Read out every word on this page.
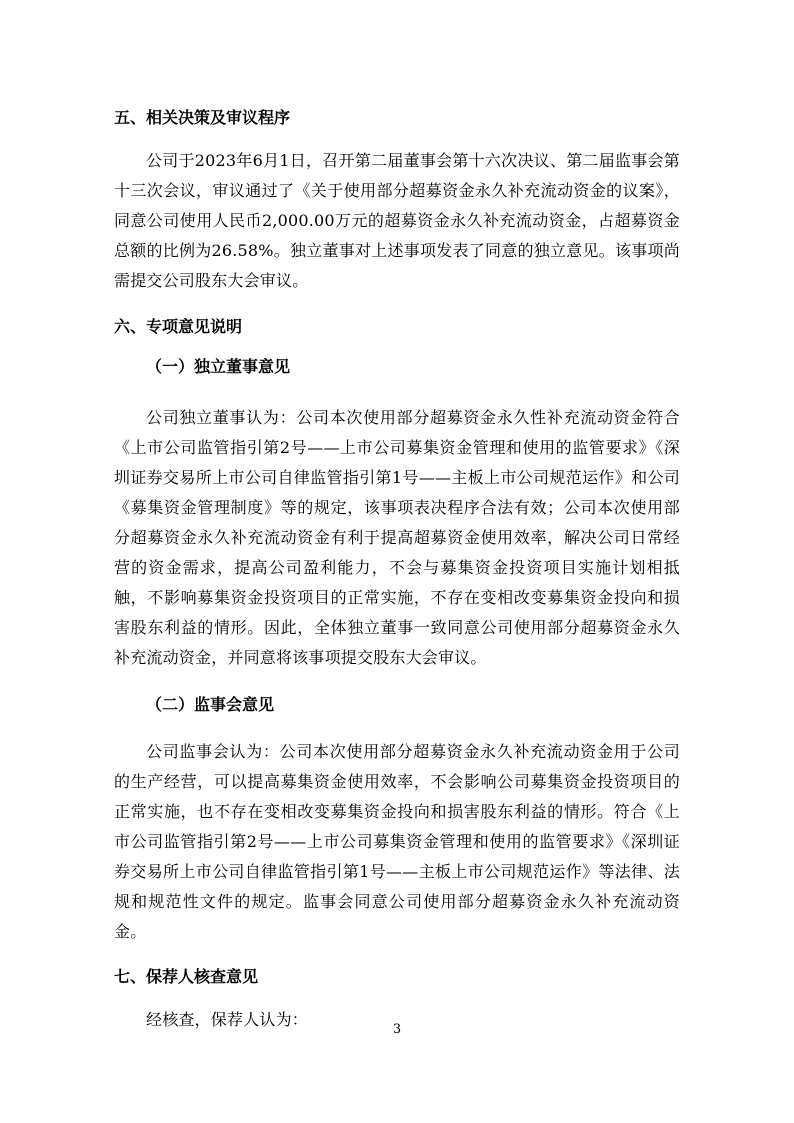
五、相关决策及审议程序

公司于2023年6月1日，召开第二届董事会第十六次决议、第二届监事会第十三次会议，审议通过了《关于使用部分超募资金永久补充流动资金的议案》，同意公司使用人民币2,000.00万元的超募资金永久补充流动资金，占超募资金总额的比例为26.58%。独立董事对上述事项发表了同意的独立意见。该事项尚需提交公司股东大会审议。

六、专项意见说明
（一）独立董事意见

公司独立董事认为：公司本次使用部分超募资金永久性补充流动资金符合《上市公司监管指引第2号——上市公司募集资金管理和使用的监管要求》《深圳证券交易所上市公司自律监管指引第1号——主板上市公司规范运作》和公司《募集资金管理制度》等的规定，该事项表决程序合法有效；公司本次使用部分超募资金永久补充流动资金有利于提高超募资金使用效率，解决公司日常经营的资金需求，提高公司盈利能力，不会与募集资金投资项目实施计划相抵触，不影响募集资金投资项目的正常实施，不存在变相改变募集资金投向和损害股东利益的情形。因此，全体独立董事一致同意公司使用部分超募资金永久补充流动资金，并同意将该事项提交股东大会审议。

（二）监事会意见

公司监事会认为：公司本次使用部分超募资金永久补充流动资金用于公司的生产经营，可以提高募集资金使用效率，不会影响公司募集资金投资项目的正常实施，也不存在变相改变募集资金投向和损害股东利益的情形。符合《上市公司监管指引第2号——上市公司募集资金管理和使用的监管要求》《深圳证券交易所上市公司自律监管指引第1号——主板上市公司规范运作》等法律、法规和规范性文件的规定。监事会同意公司使用部分超募资金永久补充流动资金。

七、保荐人核查意见

经核查，保荐人认为：

3
